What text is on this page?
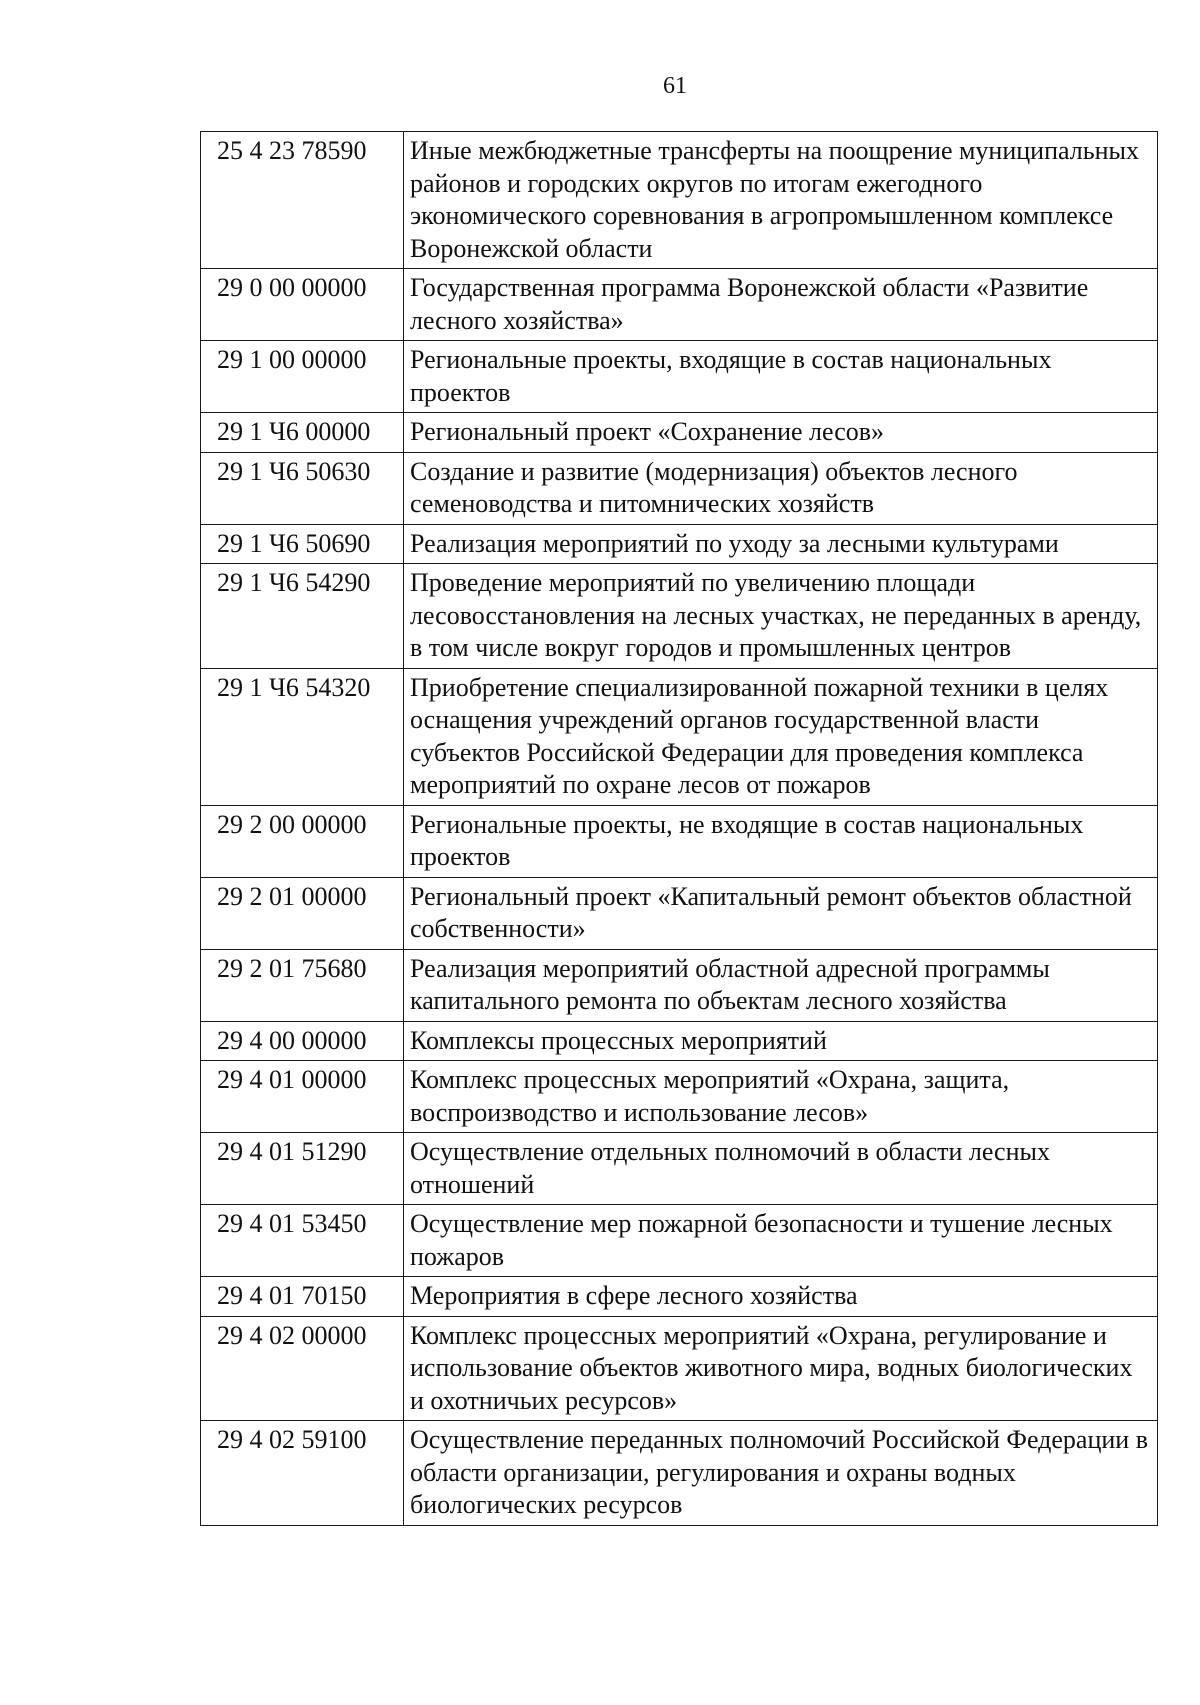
61
25 4 23 78590	Иные межбюджетные трансферты на поощрение муниципальных районов и городских округов по итогам ежегодного экономического соревнования в агропромышленном комплексе Воронежской области
29 0 00 00000	Государственная программа Воронежской области «Развитие лесного хозяйства»
29 1 00 00000	Региональные проекты, входящие в состав национальных проектов
29 1 Ч6 00000	Региональный проект «Сохранение лесов»
29 1 Ч6 50630	Создание и развитие (модернизация) объектов лесного семеноводства и питомнических хозяйств
29 1 Ч6 50690	Реализация мероприятий по уходу за лесными культурами
29 1 Ч6 54290	Проведение мероприятий по увеличению площади лесовосстановления на лесных участках, не переданных в аренду, в том числе вокруг городов и промышленных центров
29 1 Ч6 54320	Приобретение специализированной пожарной техники в целях оснащения учреждений органов государственной власти субъектов Российской Федерации для проведения комплекса мероприятий по охране лесов от пожаров
29 2 00 00000	Региональные проекты, не входящие в состав национальных проектов
29 2 01 00000	Региональный проект «Капитальный ремонт объектов областной собственности»
29 2 01 75680	Реализация мероприятий областной адресной программы капитального ремонта по объектам лесного хозяйства
29 4 00 00000	Комплексы процессных мероприятий
29 4 01 00000	Комплекс процессных мероприятий «Охрана, защита, воспроизводство и использование лесов»
29 4 01 51290	Осуществление отдельных полномочий в области лесных отношений
29 4 01 53450	Осуществление мер пожарной безопасности и тушение лесных пожаров
29 4 01 70150	Мероприятия в сфере лесного хозяйства
29 4 02 00000	Комплекс процессных мероприятий «Охрана, регулирование и использование объектов животного мира, водных биологических и охотничьих ресурсов»
29 4 02 59100	Осуществление переданных полномочий Российской Федерации в области организации, регулирования и охраны водных биологических ресурсов
